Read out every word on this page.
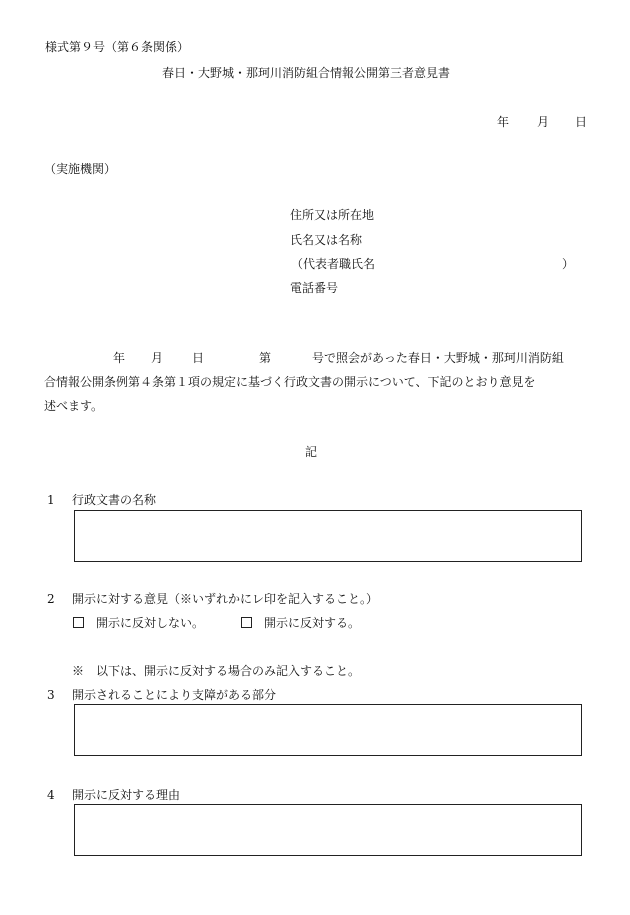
様式第９号（第６条関係）
春日・大野城・那珂川消防組合情報公開第三者意見書
年 月 日
（実施機関）
住所又は所在地
氏名又は名称
（代表者職氏名	）
電話番号
年 月 日	第	号で照会があった春日・大野城・那珂川消防組
合情報公開条例第４条第１項の規定に基づく行政文書の開示について、下記のとおり意見を
述べます。
記
1 行政文書の名称
2 開示に対する意見（※いずれかにレ印を記入すること。）
開示に反対しない。	開示に反対する。
※　以下は、開示に反対する場合のみ記入すること。
3 開示されることにより支障がある部分
4 開示に反対する理由
